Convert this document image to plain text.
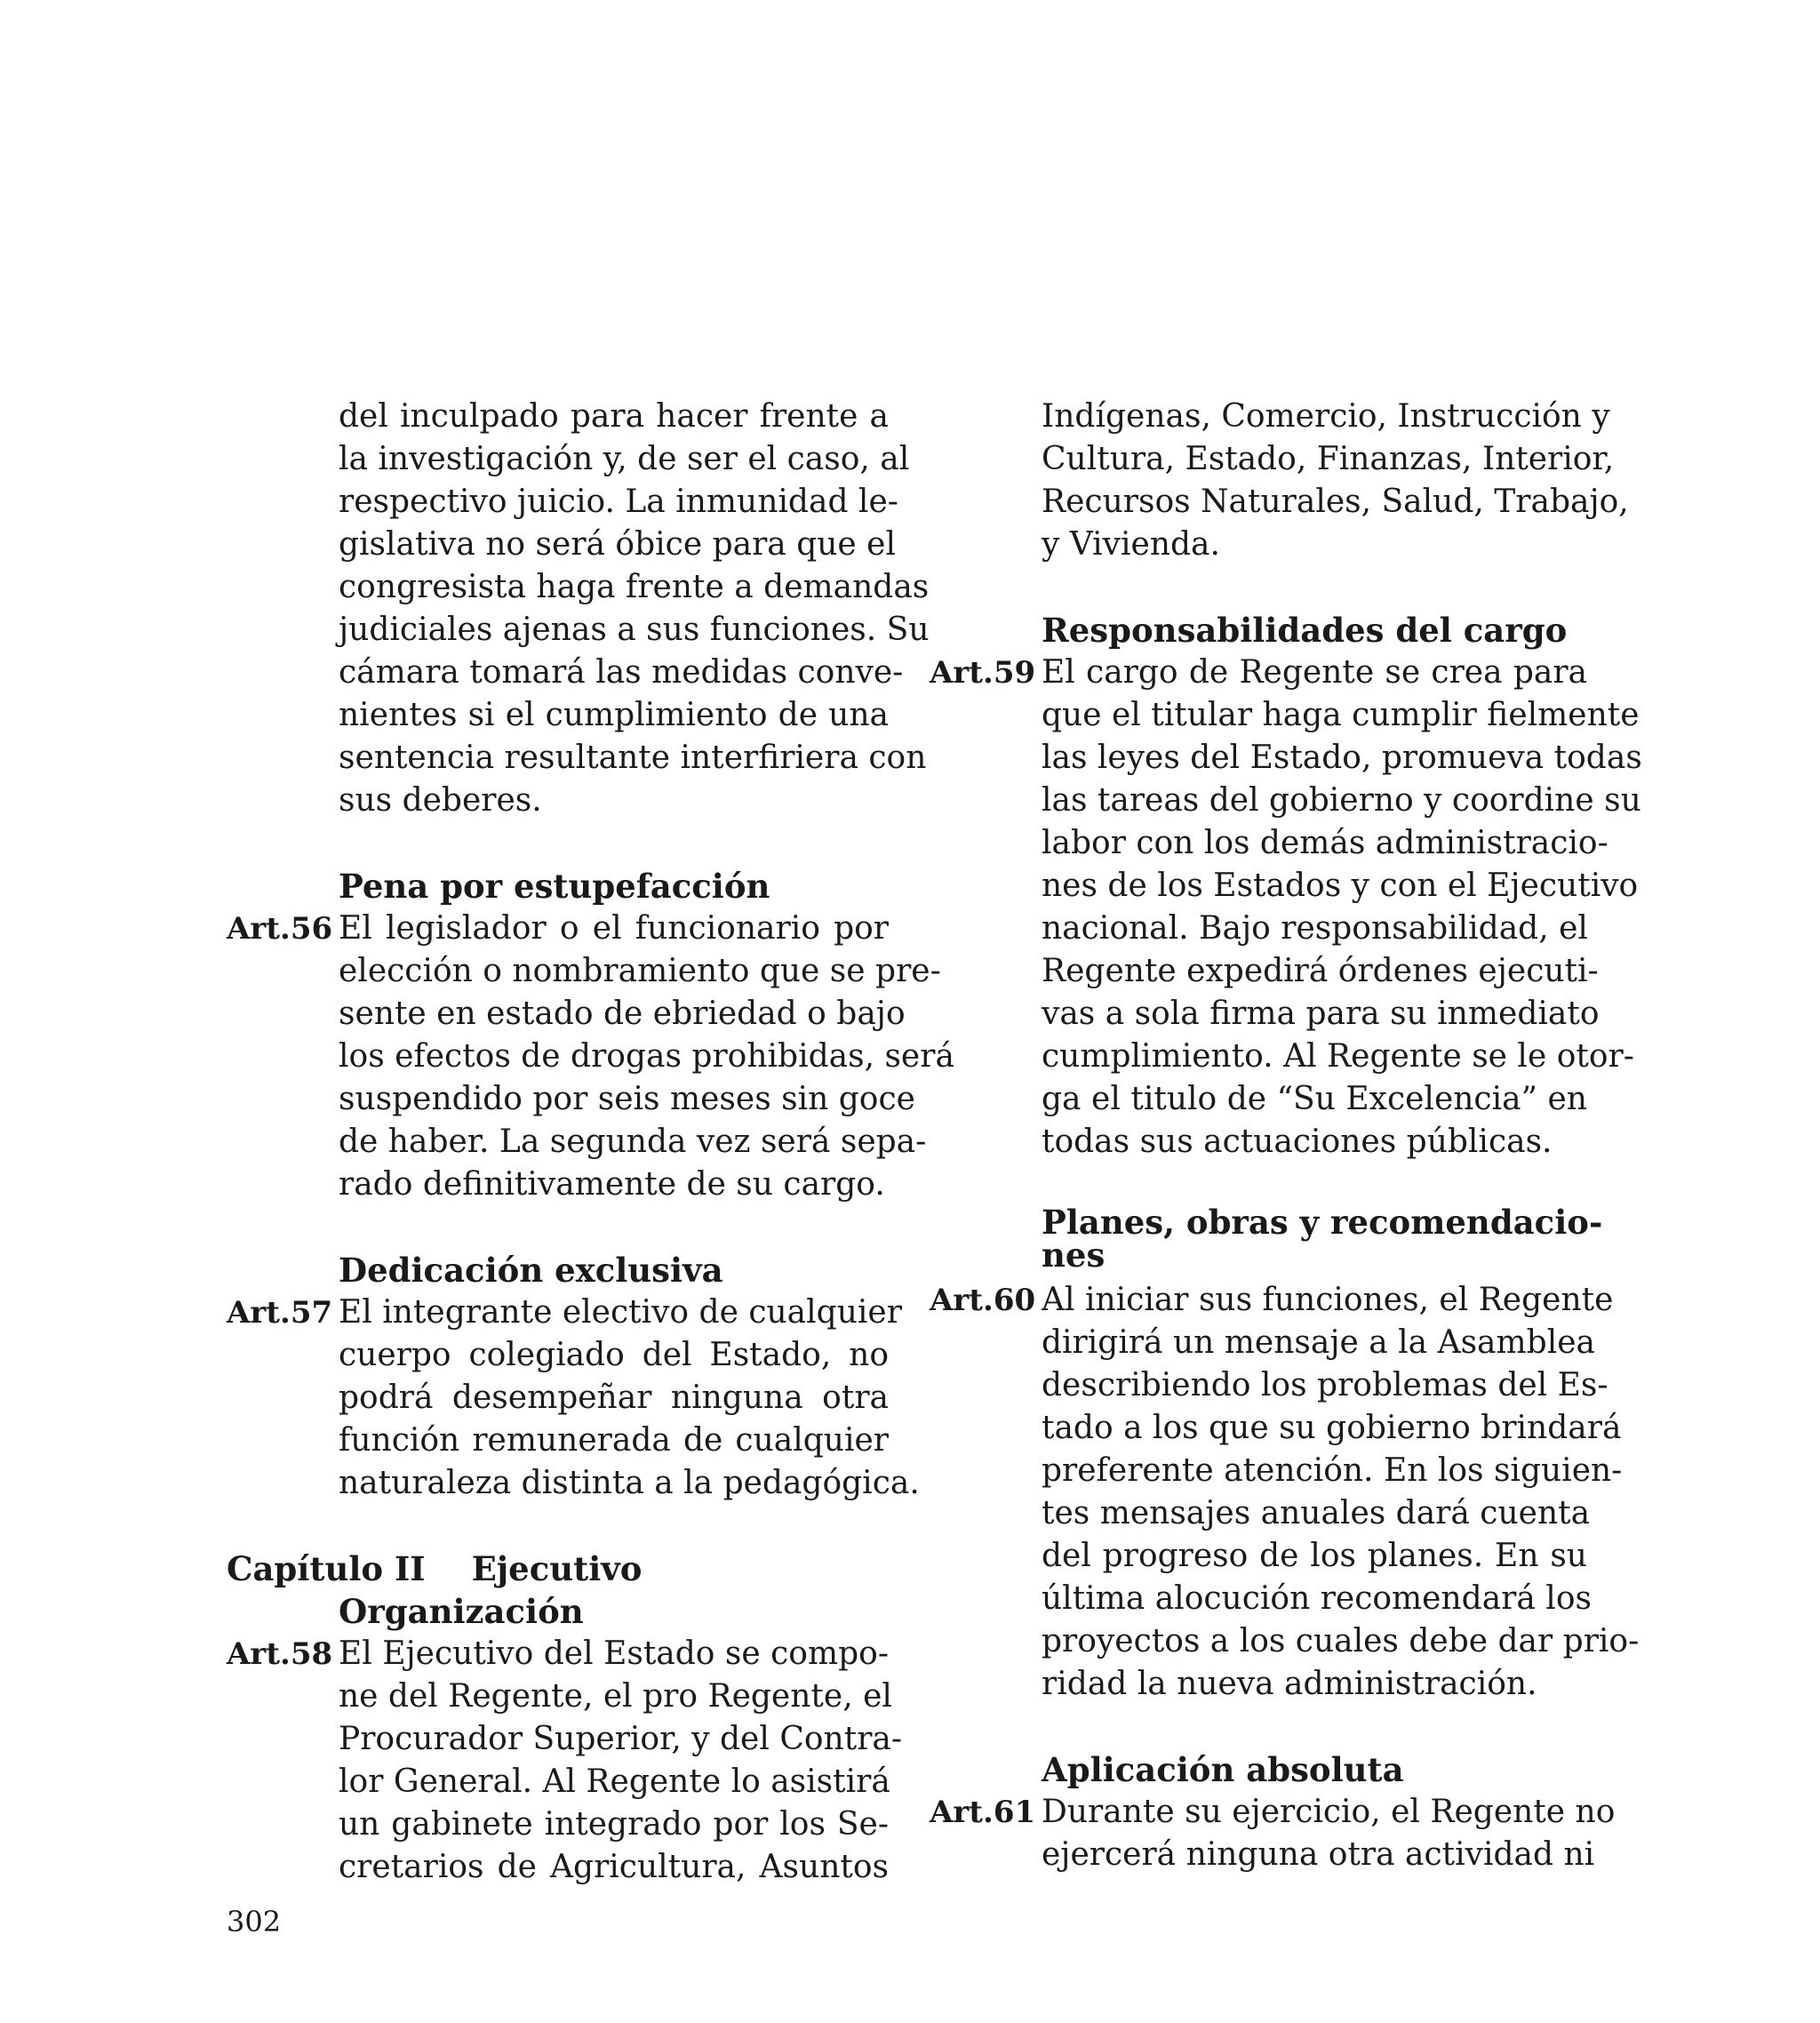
del inculpado para hacer frente a
la investigación y, de ser el caso, al
respectivo juicio. La inmunidad le-
gislativa no será óbice para que el
congresista haga frente a demandas
judiciales ajenas a sus funciones. Su
cámara tomará las medidas conve-
nientes si el cumplimiento de una
sentencia resultante interfiriera con
sus deberes.
Pena por estupefacción
Art.56 El legislador o el funcionario por
elección o nombramiento que se pre-
sente en estado de ebriedad o bajo
los efectos de drogas prohibidas, será
suspendido por seis meses sin goce
de haber. La segunda vez será sepa-
rado definitivamente de su cargo.
Dedicación exclusiva
Art.57 El integrante electivo de cualquier
cuerpo colegiado del Estado, no
podrá desempeñar ninguna otra
función remunerada de cualquier
naturaleza distinta a la pedagógica.
Capítulo II Ejecutivo
Organización
Art.58 El Ejecutivo del Estado se compo-
ne del Regente, el pro Regente, el
Procurador Superior, y del Contra-
lor General. Al Regente lo asistirá
un gabinete integrado por los Se-
cretarios de Agricultura, Asuntos
Indígenas, Comercio, Instrucción y
Cultura, Estado, Finanzas, Interior,
Recursos Naturales, Salud, Trabajo,
y Vivienda.
Responsabilidades del cargo
Art.59 El cargo de Regente se crea para
que el titular haga cumplir fielmente
las leyes del Estado, promueva todas
las tareas del gobierno y coordine su
labor con los demás administracio-
nes de los Estados y con el Ejecutivo
nacional. Bajo responsabilidad, el
Regente expedirá órdenes ejecuti-
vas a sola firma para su inmediato
cumplimiento. Al Regente se le otor-
ga el titulo de “Su Excelencia” en
todas sus actuaciones públicas.
Planes, obras y recomendacio-
nes
Art.60 Al iniciar sus funciones, el Regente
dirigirá un mensaje a la Asamblea
describiendo los problemas del Es-
tado a los que su gobierno brindará
preferente atención. En los siguien-
tes mensajes anuales dará cuenta
del progreso de los planes. En su
última alocución recomendará los
proyectos a los cuales debe dar prio-
ridad la nueva administración.
Aplicación absoluta
Art.61 Durante su ejercicio, el Regente no
ejercerá ninguna otra actividad ni
302
